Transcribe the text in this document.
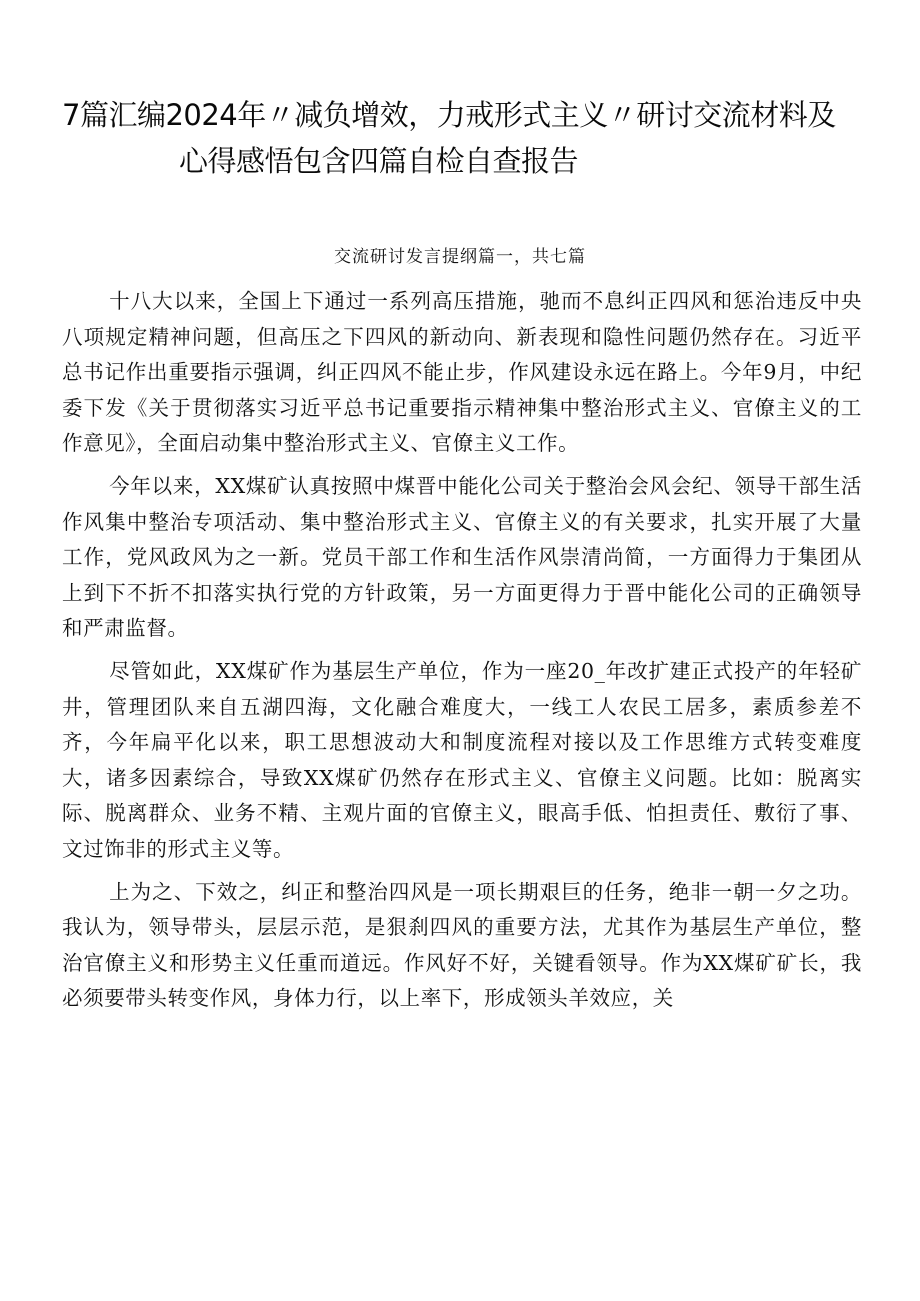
7篇汇编2024年〃减负增效，力戒形式主义〃研讨交流材料及
心得感悟包含四篇自检自查报告
交流研讨发言提纲篇一，共七篇

十八大以来，全国上下通过一系列高压措施，驰而不息纠正四风和惩治违反中央八项规定精神问题，但高压之下四风的新动向、新表现和隐性问题仍然存在。习近平总书记作出重要指示强调，纠正四风不能止步，作风建设永远在路上。今年9月，中纪委下发《关于贯彻落实习近平总书记重要指示精神集中整治形式主义、官僚主义的工作意见》，全面启动集中整治形式主义、官僚主义工作。

今年以来，XX煤矿认真按照中煤晋中能化公司关于整治会风会纪、领导干部生活作风集中整治专项活动、集中整治形式主义、官僚主义的有关要求，扎实开展了大量工作，党风政风为之一新。党员干部工作和生活作风崇清尚简，一方面得力于集团从上到下不折不扣落实执行党的方针政策，另一方面更得力于晋中能化公司的正确领导和严肃监督。

尽管如此，XX煤矿作为基层生产单位，作为一座20_年改扩建正式投产的年轻矿井，管理团队来自五湖四海，文化融合难度大，一线工人农民工居多，素质参差不齐，今年扁平化以来，职工思想波动大和制度流程对接以及工作思维方式转变难度大，诸多因素综合，导致XX煤矿仍然存在形式主义、官僚主义问题。比如：脱离实际、脱离群众、业务不精、主观片面的官僚主义，眼高手低、怕担责任、敷衍了事、文过饰非的形式主义等。

上为之、下效之，纠正和整治四风是一项长期艰巨的任务，绝非一朝一夕之功。我认为，领导带头，层层示范，是狠刹四风的重要方法，尤其作为基层生产单位，整治官僚主义和形势主义任重而道远。作风好不好，关键看领导。作为XX煤矿矿长，我必须要带头转变作风，身体力行，以上率下，形成领头羊效应，关
